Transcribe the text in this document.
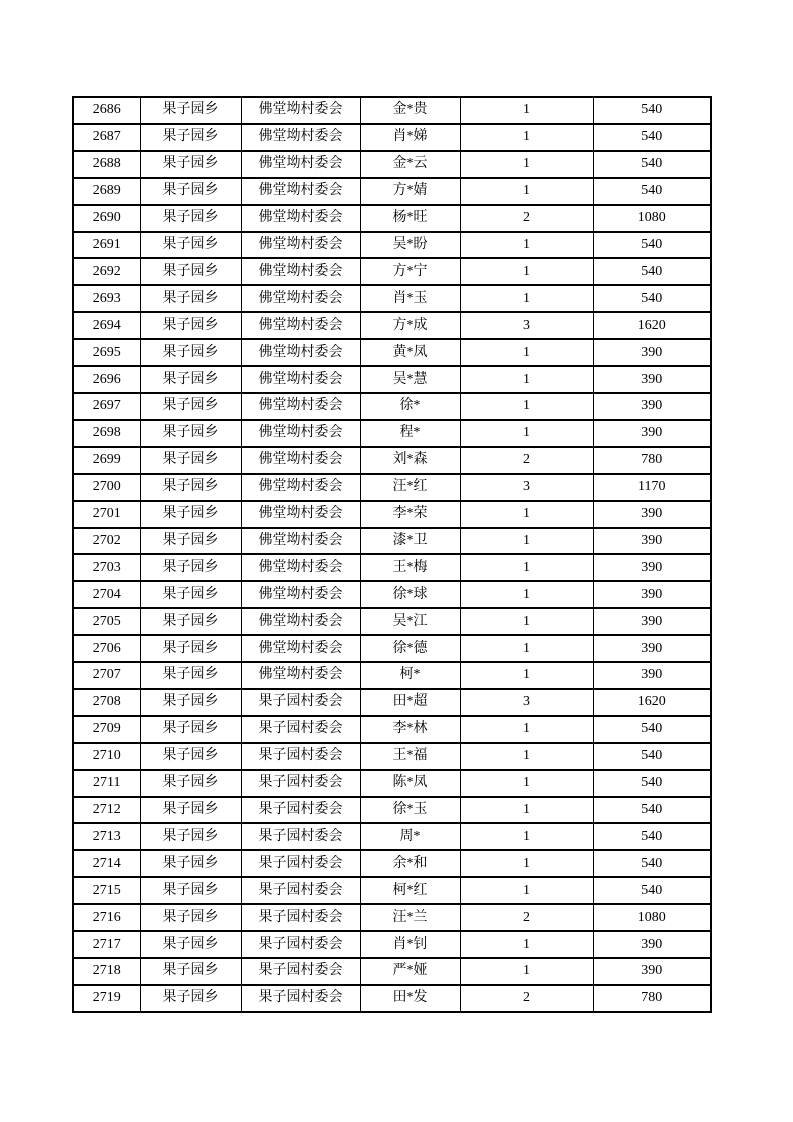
2686	果子园乡	佛堂坳村委会	金*贵	1	540
2687	果子园乡	佛堂坳村委会	肖*娣	1	540
2688	果子园乡	佛堂坳村委会	金*云	1	540
2689	果子园乡	佛堂坳村委会	方*婧	1	540
2690	果子园乡	佛堂坳村委会	杨*旺	2	1080
2691	果子园乡	佛堂坳村委会	吴*盼	1	540
2692	果子园乡	佛堂坳村委会	方*宁	1	540
2693	果子园乡	佛堂坳村委会	肖*玉	1	540
2694	果子园乡	佛堂坳村委会	方*成	3	1620
2695	果子园乡	佛堂坳村委会	黄*凤	1	390
2696	果子园乡	佛堂坳村委会	吴*慧	1	390
2697	果子园乡	佛堂坳村委会	徐*	1	390
2698	果子园乡	佛堂坳村委会	程*	1	390
2699	果子园乡	佛堂坳村委会	刘*森	2	780
2700	果子园乡	佛堂坳村委会	汪*红	3	1170
2701	果子园乡	佛堂坳村委会	李*荣	1	390
2702	果子园乡	佛堂坳村委会	漆*卫	1	390
2703	果子园乡	佛堂坳村委会	王*梅	1	390
2704	果子园乡	佛堂坳村委会	徐*球	1	390
2705	果子园乡	佛堂坳村委会	吴*江	1	390
2706	果子园乡	佛堂坳村委会	徐*德	1	390
2707	果子园乡	佛堂坳村委会	柯*	1	390
2708	果子园乡	果子园村委会	田*超	3	1620
2709	果子园乡	果子园村委会	李*林	1	540
2710	果子园乡	果子园村委会	王*福	1	540
2711	果子园乡	果子园村委会	陈*凤	1	540
2712	果子园乡	果子园村委会	徐*玉	1	540
2713	果子园乡	果子园村委会	周*	1	540
2714	果子园乡	果子园村委会	余*和	1	540
2715	果子园乡	果子园村委会	柯*红	1	540
2716	果子园乡	果子园村委会	汪*兰	2	1080
2717	果子园乡	果子园村委会	肖*钊	1	390
2718	果子园乡	果子园村委会	严*娅	1	390
2719	果子园乡	果子园村委会	田*发	2	780
